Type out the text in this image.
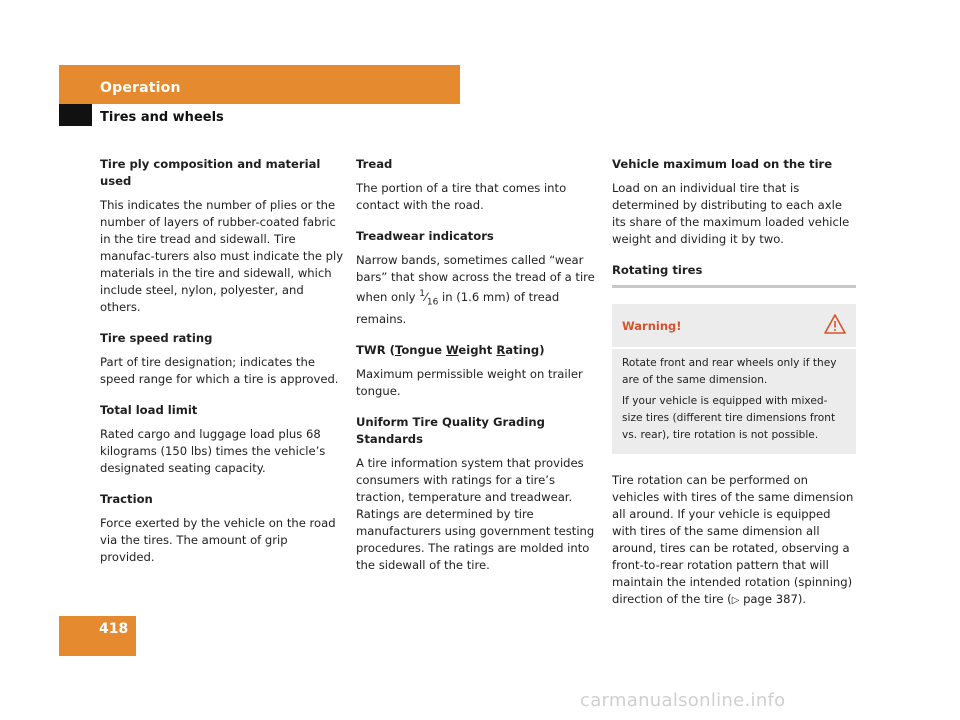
Operation
Tires and wheels
Tire ply composition and material used
This indicates the number of plies or the number of layers of rubber-coated fabric in the tire tread and sidewall. Tire manufac-turers also must indicate the ply materials in the tire and sidewall, which include steel, nylon, polyester, and others.
Tire speed rating
Part of tire designation; indicates the speed range for which a tire is approved.
Total load limit
Rated cargo and luggage load plus 68 kilograms (150 lbs) times the vehicle’s designated seating capacity.
Traction
Force exerted by the vehicle on the road via the tires. The amount of grip provided.
Tread
The portion of a tire that comes into contact with the road.
Treadwear indicators
Narrow bands, sometimes called “wear bars” that show across the tread of a tire when only $^1⁄_{16}$ in (1.6 mm) of tread remains.
TWR (Tongue Weight Rating)
Maximum permissible weight on trailer tongue.
Uniform Tire Quality Grading Standards
A tire information system that provides consumers with ratings for a tire’s traction, temperature and treadwear. Ratings are determined by tire manufacturers using government testing procedures. The ratings are molded into the sidewall of the tire.
Vehicle maximum load on the tire
Load on an individual tire that is determined by distributing to each axle its share of the maximum loaded vehicle weight and dividing it by two.
Rotating tires
Warning!
Rotate front and rear wheels only if they are of the same dimension.
If your vehicle is equipped with mixed-size tires (different tire dimensions front vs. rear), tire rotation is not possible.
Tire rotation can be performed on vehicles with tires of the same dimension all around. If your vehicle is equipped with tires of the same dimension all around, tires can be rotated, observing a front-to-rear rotation pattern that will maintain the intended rotation (spinning) direction of the tire (▷ page 387).
418
carmanualsonline.info
